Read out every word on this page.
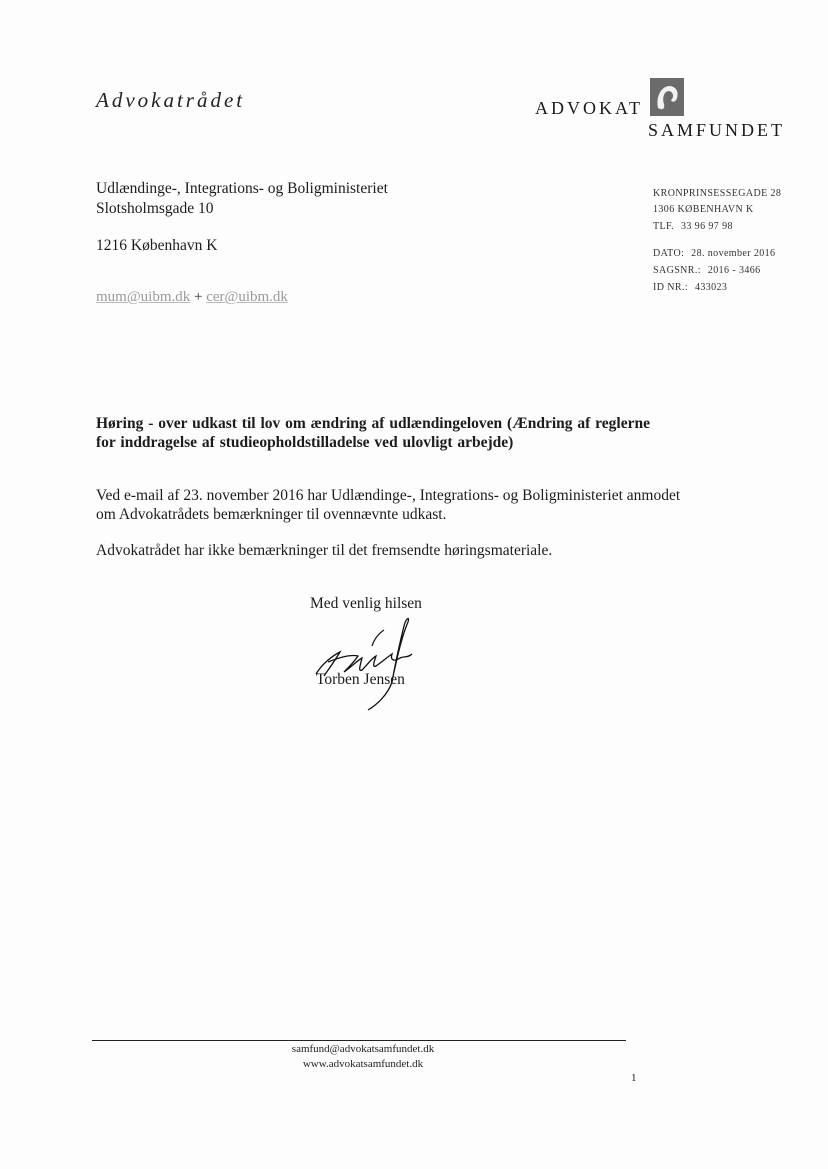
Advokatrådet	ADVOKAT
SAMFUNDET
Udlændinge-, Integrations- og Boligministeriet
Slotsholmsgade 10
1216 København K
mum@uibm.dk + cer@uibm.dk
KRONPRINSESSEGADE 28
1306 KØBENHAVN K
TLF. 33 96 97 98
DATO: 28. november 2016
SAGSNR.: 2016 - 3466
ID NR.: 433023
Høring - over udkast til lov om ændring af udlændingeloven (Ændring af reglerne for inddragelse af studieopholdstilladelse ved ulovligt arbejde)
Ved e-mail af 23. november 2016 har Udlændinge-, Integrations- og Boligministeriet anmodet om Advokatrådets bemærkninger til ovennævnte udkast.
Advokatrådet har ikke bemærkninger til det fremsendte høringsmateriale.
Med venlig hilsen
Torben Jensen
samfund@advokatsamfundet.dk
www.advokatsamfundet.dk
1
